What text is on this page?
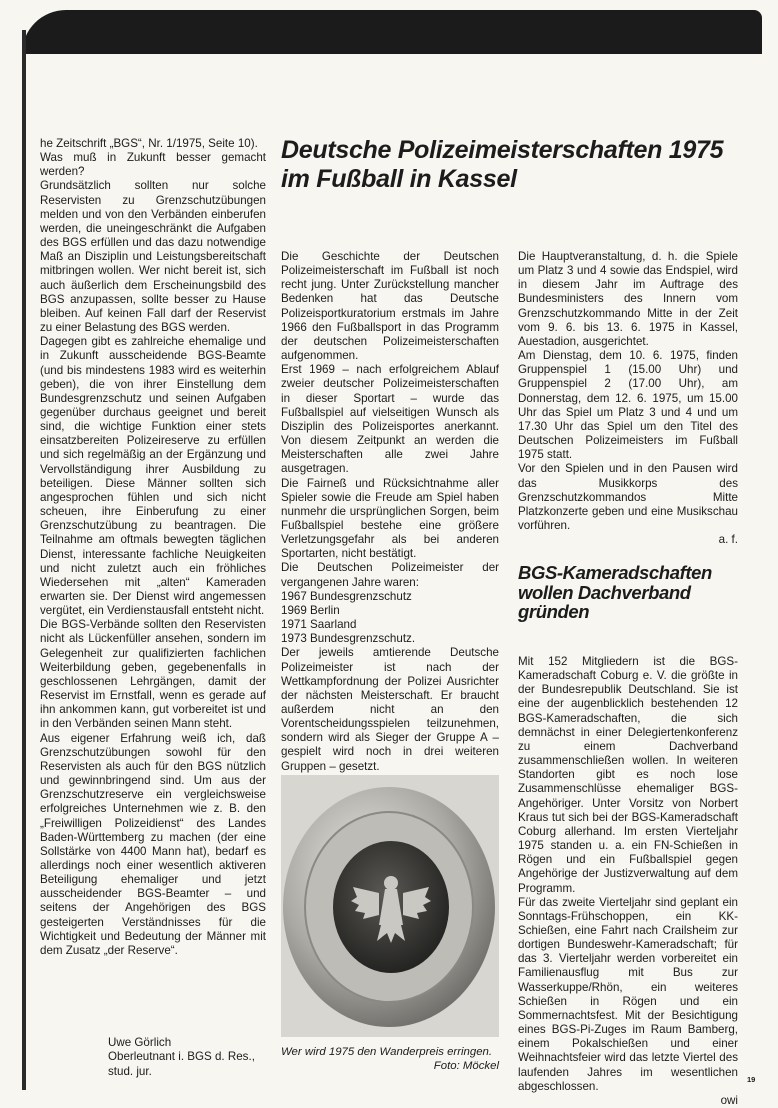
he Zeitschrift „BGS“, Nr. 1/1975, Seite 10).

Was muß in Zukunft besser gemacht werden?

Grundsätzlich sollten nur solche Reservisten zu Grenzschutzübungen melden und von den Verbänden einberufen werden, die uneingeschränkt die Aufgaben des BGS erfüllen und das dazu notwendige Maß an Disziplin und Leistungsbereitschaft mitbringen wollen. Wer nicht bereit ist, sich auch äußerlich dem Erscheinungsbild des BGS anzupassen, sollte besser zu Hause bleiben. Auf keinen Fall darf der Reservist zu einer Belastung des BGS werden.

Dagegen gibt es zahlreiche ehemalige und in Zukunft ausscheidende BGS-Beamte (und bis mindestens 1983 wird es weiterhin geben), die von ihrer Einstellung dem Bundesgrenzschutz und seinen Aufgaben gegenüber durchaus geeignet und bereit sind, die wichtige Funktion einer stets einsatzbereiten Polizeireserve zu erfüllen und sich regelmäßig an der Ergänzung und Vervollständigung ihrer Ausbildung zu beteiligen. Diese Männer sollten sich angesprochen fühlen und sich nicht scheuen, ihre Einberufung zu einer Grenzschutzübung zu beantragen. Die Teilnahme am oftmals bewegten täglichen Dienst, interessante fachliche Neuigkeiten und nicht zuletzt auch ein fröhliches Wiedersehen mit „alten“ Kameraden erwarten sie. Der Dienst wird angemessen vergütet, ein Verdienstausfall entsteht nicht.

Die BGS-Verbände sollten den Reservisten nicht als Lückenfüller ansehen, sondern im Gelegenheit zur qualifizierten fachlichen Weiterbildung geben, gegebenenfalls in geschlossenen Lehrgängen, damit der Reservist im Ernstfall, wenn es gerade auf ihn ankommen kann, gut vorbereitet ist und in den Verbänden seinen Mann steht.

Aus eigener Erfahrung weiß ich, daß Grenzschutzübungen sowohl für den Reservisten als auch für den BGS nützlich und gewinnbringend sind. Um aus der Grenzschutzreserve ein vergleichsweise erfolgreiches Unternehmen wie z. B. den „Freiwilligen Polizeidienst“ des Landes Baden-Württemberg zu machen (der eine Sollstärke von 4400 Mann hat), bedarf es allerdings noch einer wesentlich aktiveren Beteiligung ehemaliger und jetzt ausscheidender BGS-Beamter – und seitens der Angehörigen des BGS gesteigerten Verständnisses für die Wichtigkeit und Bedeutung der Männer mit dem Zusatz „der Reserve“.

Uwe Görlich
Oberleutnant i. BGS d. Res.,
stud. jur.
Deutsche Polizeimeisterschaften 1975 im Fußball in Kassel

Die Geschichte der Deutschen Polizeimeisterschaft im Fußball ist noch recht jung. Unter Zurückstellung mancher Bedenken hat das Deutsche Polizeisportkuratorium erstmals im Jahre 1966 den Fußballsport in das Programm der deutschen Polizeimeisterschaften aufgenommen.

Erst 1969 – nach erfolgreichem Ablauf zweier deutscher Polizeimeisterschaften in dieser Sportart – wurde das Fußballspiel auf vielseitigen Wunsch als Disziplin des Polizeisportes anerkannt. Von diesem Zeitpunkt an werden die Meisterschaften alle zwei Jahre ausgetragen.

Die Fairneß und Rücksichtnahme aller Spieler sowie die Freude am Spiel haben nunmehr die ursprünglichen Sorgen, beim Fußballspiel bestehe eine größere Verletzungsgefahr als bei anderen Sportarten, nicht bestätigt.

Die Deutschen Polizeimeister der vergangenen Jahre waren:

1967 Bundesgrenzschutz

1969 Berlin

1971 Saarland

1973 Bundesgrenzschutz.

Der jeweils amtierende Deutsche Polizeimeister ist nach der Wettkampfordnung der Polizei Ausrichter der nächsten Meisterschaft. Er braucht außerdem nicht an den Vorentscheidungsspielen teilzunehmen, sondern wird als Sieger der Gruppe A – gespielt wird noch in drei weiteren Gruppen – gesetzt.

Die Hauptveranstaltung, d. h. die Spiele um Platz 3 und 4 sowie das Endspiel, wird in diesem Jahr im Auftrage des Bundesministers des Innern vom Grenzschutzkommando Mitte in der Zeit vom 9. 6. bis 13. 6. 1975 in Kassel, Auestadion, ausgerichtet.

Am Dienstag, dem 10. 6. 1975, finden Gruppenspiel 1 (15.00 Uhr) und Gruppenspiel 2 (17.00 Uhr), am Donnerstag, dem 12. 6. 1975, um 15.00 Uhr das Spiel um Platz 3 und 4 und um 17.30 Uhr das Spiel um den Titel des Deutschen Polizeimeisters im Fußball 1975 statt.

Vor den Spielen und in den Pausen wird das Musikkorps des Grenzschutzkommandos Mitte Platzkonzerte geben und eine Musikschau vorführen.

a. f.

Wer wird 1975 den Wanderpreis erringen.
Foto: Möckel
BGS-Kameradschaften wollen Dachverband gründen

Mit 152 Mitgliedern ist die BGS-Kameradschaft Coburg e. V. die größte in der Bundesrepublik Deutschland. Sie ist eine der augenblicklich bestehenden 12 BGS-Kameradschaften, die sich demnächst in einer Delegiertenkonferenz zu einem Dachverband zusammenschließen wollen. In weiteren Standorten gibt es noch lose Zusammenschlüsse ehemaliger BGS-Angehöriger. Unter Vorsitz von Norbert Kraus tut sich bei der BGS-Kameradschaft Coburg allerhand. Im ersten Vierteljahr 1975 standen u. a. ein FN-Schießen in Rögen und ein Fußballspiel gegen Angehörige der Justizverwaltung auf dem Programm.

Für das zweite Vierteljahr sind geplant ein Sonntags-Frühschoppen, ein KK-Schießen, eine Fahrt nach Crailsheim zur dortigen Bundeswehr-Kameradschaft; für das 3. Vierteljahr werden vorbereitet ein Familienausflug mit Bus zur Wasserkuppe/Rhön, ein weiteres Schießen in Rögen und ein Sommernachtsfest. Mit der Besichtigung eines BGS-Pi-Zuges im Raum Bamberg, einem Pokalschießen und einer Weihnachtsfeier wird das letzte Viertel des laufenden Jahres im wesentlichen abgeschlossen.

owi

19
